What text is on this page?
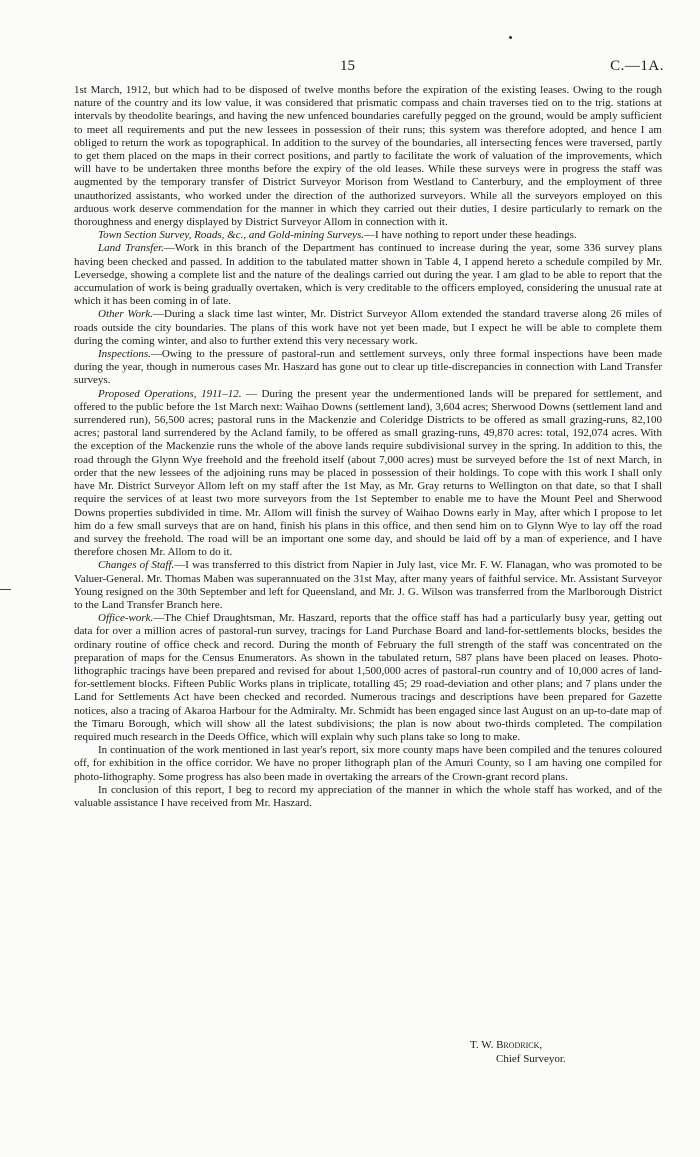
15	C.—1A.

1st March, 1912, but which had to be disposed of twelve months before the expiration of the existing leases. Owing to the rough nature of the country and its low value, it was considered that prismatic compass and chain traverses tied on to the trig. stations at intervals by theodolite bearings, and having the new unfenced boundaries carefully pegged on the ground, would be amply sufficient to meet all requirements and put the new lessees in possession of their runs; this system was therefore adopted, and hence I am obliged to return the work as topographical. In addition to the survey of the boundaries, all intersecting fences were traversed, partly to get them placed on the maps in their correct positions, and partly to facilitate the work of valuation of the improvements, which will have to be undertaken three months before the expiry of the old leases. While these surveys were in progress the staff was augmented by the temporary transfer of District Surveyor Morison from Westland to Canterbury, and the employment of three unauthorized assistants, who worked under the direction of the authorized surveyors. While all the surveyors employed on this arduous work deserve commendation for the manner in which they carried out their duties, I desire particularly to remark on the thoroughness and energy displayed by District Surveyor Allom in connection with it.

Town Section Survey, Roads, &c., and Gold-mining Surveys.—I have nothing to report under these headings.

Land Transfer.—Work in this branch of the Department has continued to increase during the year, some 336 survey plans having been checked and passed. In addition to the tabulated matter shown in Table 4, I append hereto a schedule compiled by Mr. Leversedge, showing a complete list and the nature of the dealings carried out during the year. I am glad to be able to report that the accumulation of work is being gradually overtaken, which is very creditable to the officers employed, considering the unusual rate at which it has been coming in of late.

Other Work.—During a slack time last winter, Mr. District Surveyor Allom extended the standard traverse along 26 miles of roads outside the city boundaries. The plans of this work have not yet been made, but I expect he will be able to complete them during the coming winter, and also to further extend this very necessary work.

Inspections.—Owing to the pressure of pastoral-run and settlement surveys, only three formal inspections have been made during the year, though in numerous cases Mr. Haszard has gone out to clear up title-discrepancies in connection with Land Transfer surveys.

Proposed Operations, 1911–12. — During the present year the undermentioned lands will be prepared for settlement, and offered to the public before the 1st March next: Waihao Downs (settlement land), 3,604 acres; Sherwood Downs (settlement land and surrendered run), 56,500 acres; pastoral runs in the Mackenzie and Coleridge Districts to be offered as small grazing-runs, 82,100 acres; pastoral land surrendered by the Acland family, to be offered as small grazing-runs, 49,870 acres: total, 192,074 acres. With the exception of the Mackenzie runs the whole of the above lands require subdivisional survey in the spring. In addition to this, the road through the Glynn Wye freehold and the freehold itself (about 7,000 acres) must be surveyed before the 1st of next March, in order that the new lessees of the adjoining runs may be placed in possession of their holdings. To cope with this work I shall only have Mr. District Surveyor Allom left on my staff after the 1st May, as Mr. Gray returns to Wellington on that date, so that I shall require the services of at least two more surveyors from the 1st September to enable me to have the Mount Peel and Sherwood Downs properties subdivided in time. Mr. Allom will finish the survey of Waihao Downs early in May, after which I propose to let him do a few small surveys that are on hand, finish his plans in this office, and then send him on to Glynn Wye to lay off the road and survey the freehold. The road will be an important one some day, and should be laid off by a man of experience, and I have therefore chosen Mr. Allom to do it.

Changes of Staff.—I was transferred to this district from Napier in July last, vice Mr. F. W. Flanagan, who was promoted to be Valuer-General. Mr. Thomas Maben was superannuated on the 31st May, after many years of faithful service. Mr. Assistant Surveyor Young resigned on the 30th September and left for Queensland, and Mr. J. G. Wilson was transferred from the Marlborough District to the Land Transfer Branch here.

Office-work.—The Chief Draughtsman, Mr. Haszard, reports that the office staff has had a particularly busy year, getting out data for over a million acres of pastoral-run survey, tracings for Land Purchase Board and land-for-settlements blocks, besides the ordinary routine of office check and record. During the month of February the full strength of the staff was concentrated on the preparation of maps for the Census Enumerators. As shown in the tabulated return, 587 plans have been placed on leases. Photo-lithographic tracings have been prepared and revised for about 1,500,000 acres of pastoral-run country and of 10,000 acres of land-for-settlement blocks. Fifteen Public Works plans in triplicate, totalling 45; 29 road-deviation and other plans; and 7 plans under the Land for Settlements Act have been checked and recorded. Numerous tracings and descriptions have been prepared for Gazette notices, also a tracing of Akaroa Harbour for the Admiralty. Mr. Schmidt has been engaged since last August on an up-to-date map of the Timaru Borough, which will show all the latest subdivisions; the plan is now about two-thirds completed. The compilation required much research in the Deeds Office, which will explain why such plans take so long to make.

In continuation of the work mentioned in last year's report, six more county maps have been compiled and the tenures coloured off, for exhibition in the office corridor. We have no proper lithograph plan of the Amuri County, so I am having one compiled for photo-lithography. Some progress has also been made in overtaking the arrears of the Crown-grant record plans.

In conclusion of this report, I beg to record my appreciation of the manner in which the whole staff has worked, and of the valuable assistance I have received from Mr. Haszard.

T. W. Brodrick,
Chief Surveyor.
